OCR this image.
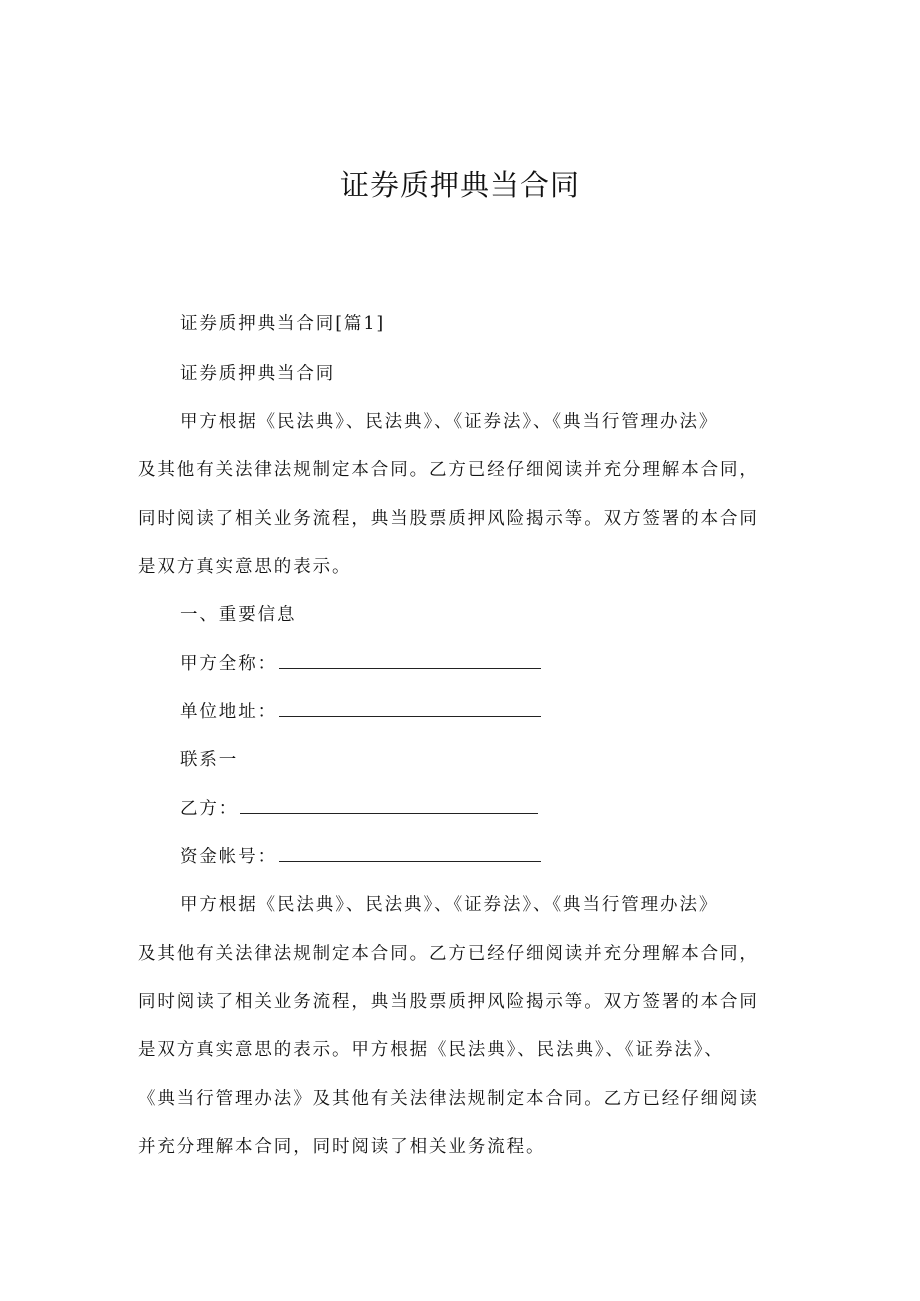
证券质押典当合同
证券质押典当合同[篇1]
证券质押典当合同
甲方根据《民法典》、民法典》、《证券法》、《典当行管理办法》
及其他有关法律法规制定本合同。乙方已经仔细阅读并充分理解本合同，
同时阅读了相关业务流程，典当股票质押风险揭示等。双方签署的本合同
是双方真实意思的表示。
一、重要信息
甲方全称：
单位地址：
联系一
乙方：
资金帐号：
甲方根据《民法典》、民法典》、《证券法》、《典当行管理办法》
及其他有关法律法规制定本合同。乙方已经仔细阅读并充分理解本合同，
同时阅读了相关业务流程，典当股票质押风险揭示等。双方签署的本合同
是双方真实意思的表示。甲方根据《民法典》、民法典》、《证券法》、
《典当行管理办法》及其他有关法律法规制定本合同。乙方已经仔细阅读
并充分理解本合同，同时阅读了相关业务流程。
